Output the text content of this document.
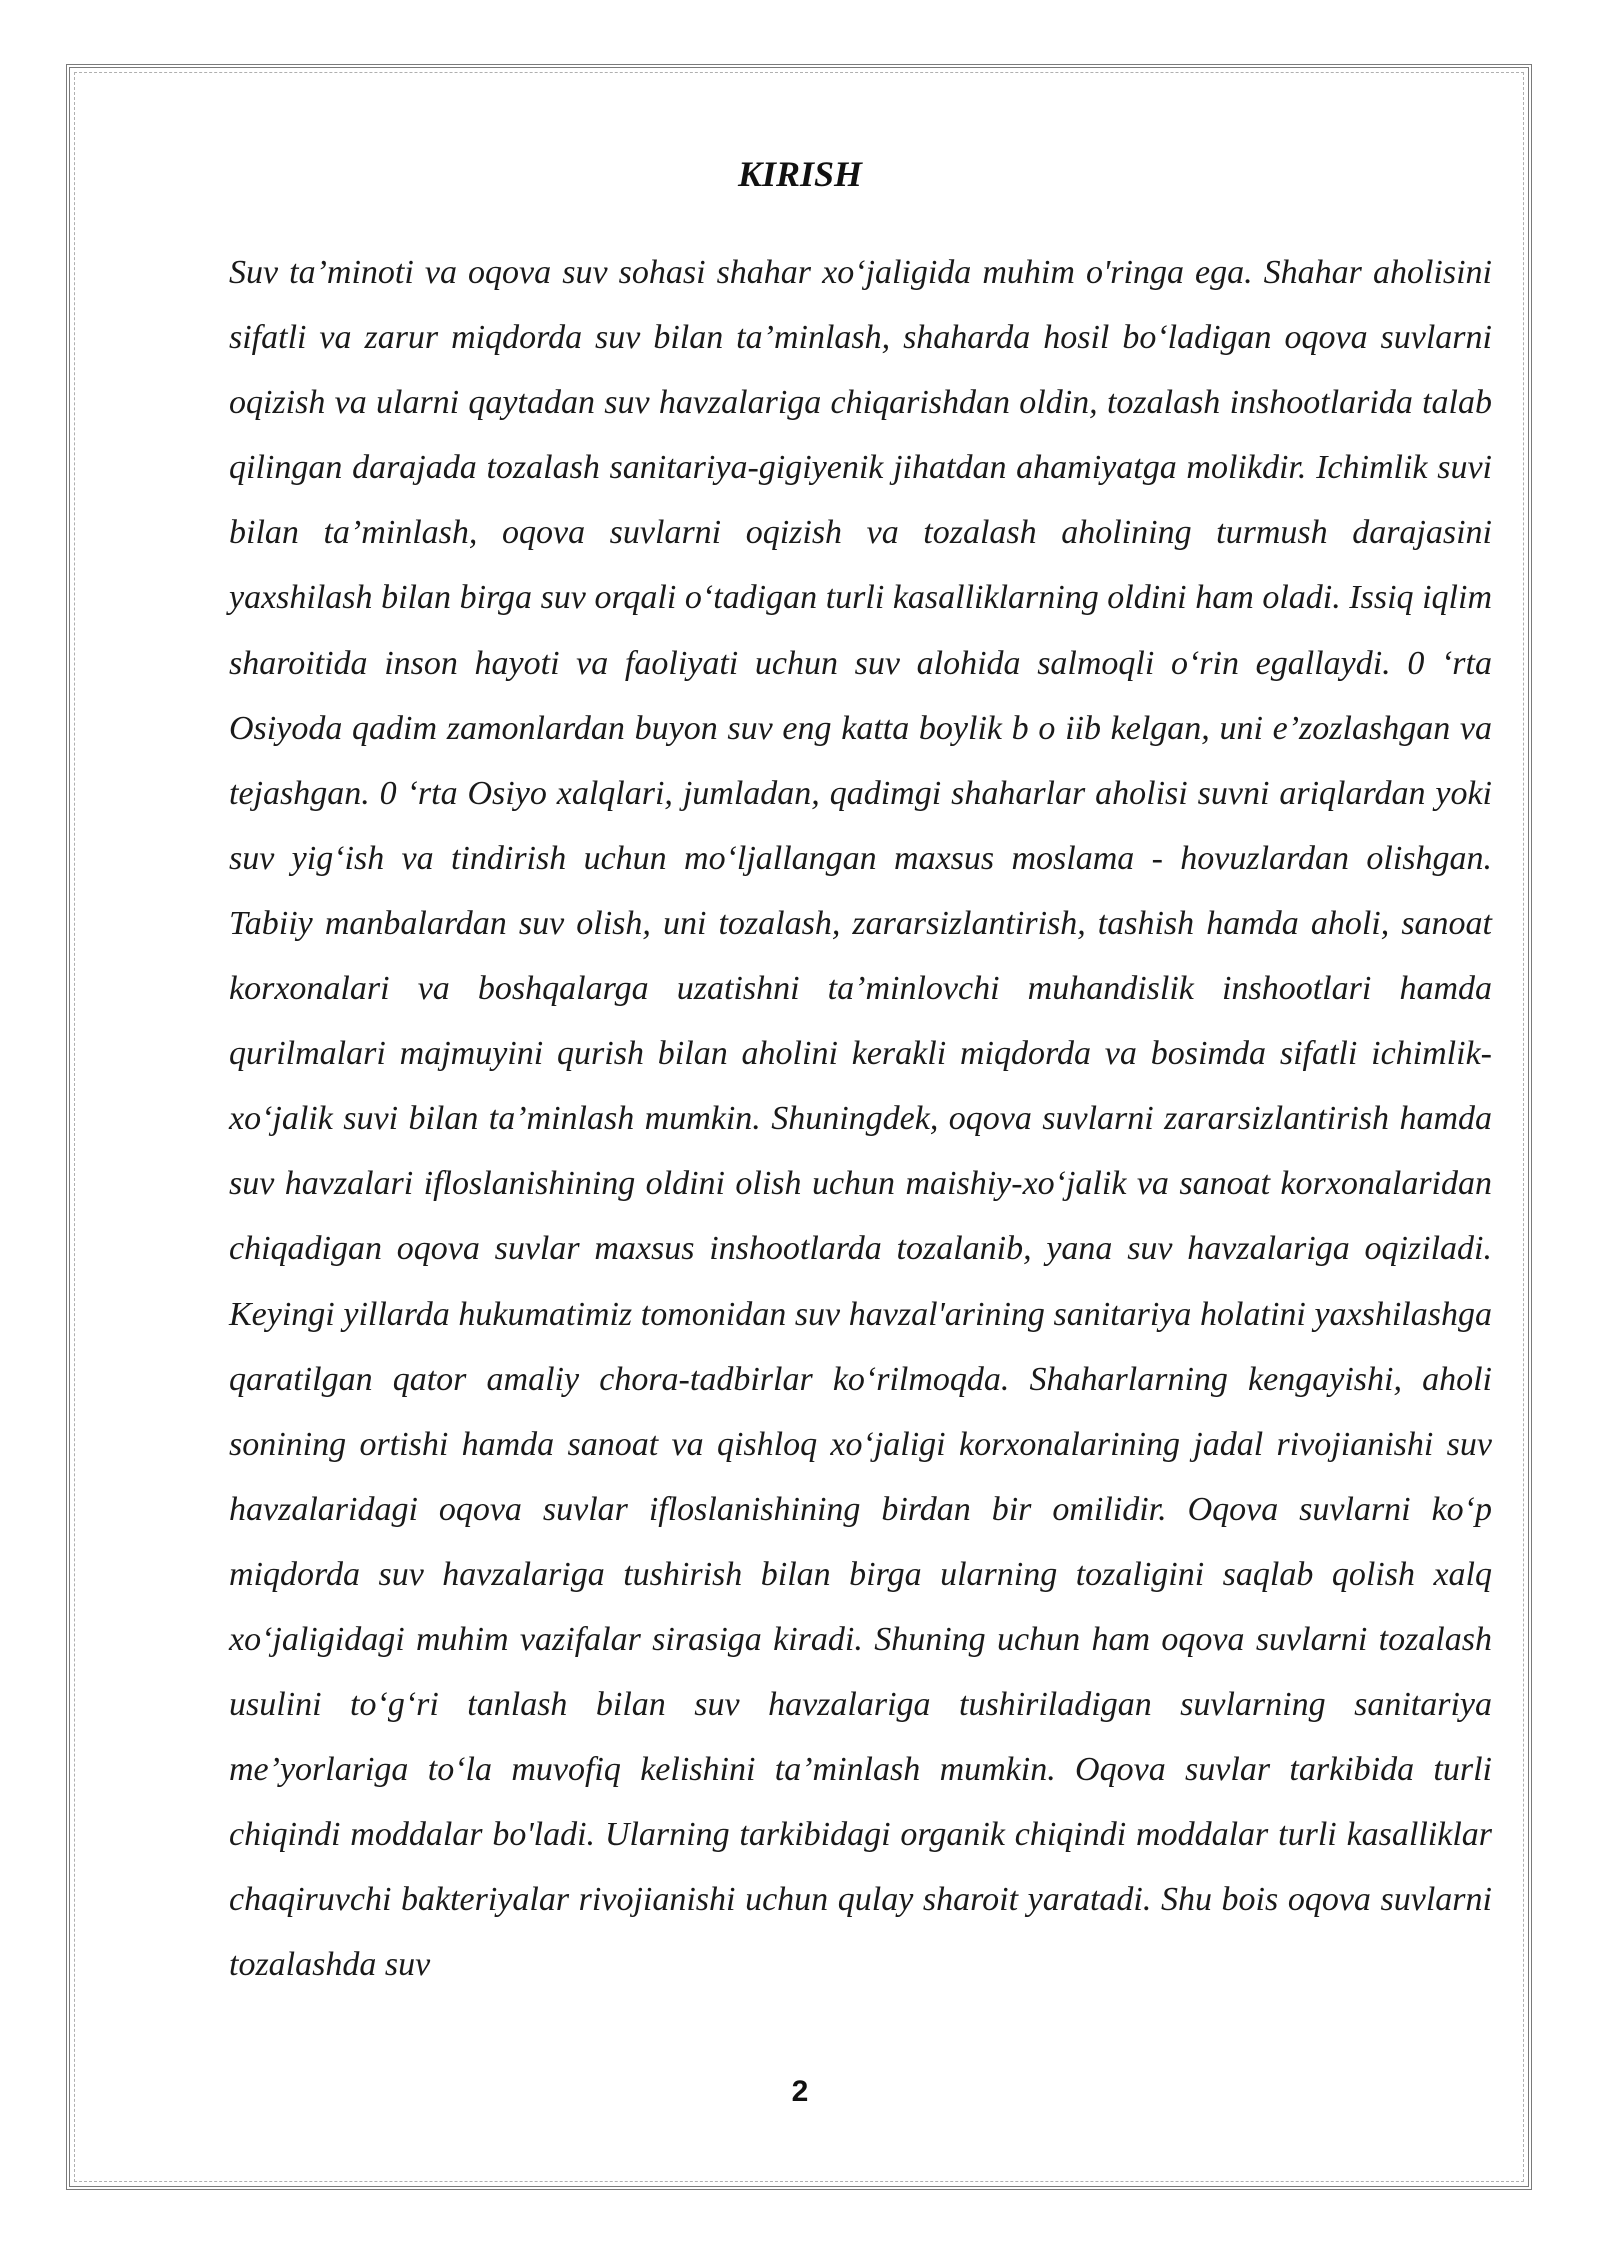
KIRISH

Suv ta’minoti va oqova suv sohasi shahar xo‘jaligida muhim o'ringa ega. Shahar aholisini sifatli va zarur miqdorda suv bilan ta’minlash, shaharda hosil bo‘ladigan oqova suvlarni oqizish va ularni qaytadan suv havzalariga chiqarishdan oldin, tozalash inshootlarida talab qilingan darajada tozalash sanitariya-gigiyenik jihatdan ahamiyatga molikdir. Ichimlik suvi bilan ta’minlash, oqova suvlarni oqizish va tozalash aholining turmush darajasini yaxshilash bilan birga suv orqali o‘tadigan turli kasalliklarning oldini ham oladi. Issiq iqlim sharoitida inson hayoti va faoliyati uchun suv alohida salmoqli o‘rin egallaydi. 0 ‘rta Osiyoda qadim zamonlardan buyon suv eng katta boylik b o iib kelgan, uni e’zozlashgan va tejashgan. 0 ‘rta Osiyo xalqlari, jumladan, qadimgi shaharlar aholisi suvni ariqlardan yoki suv yig‘ish va tindirish uchun mo‘ljallangan maxsus moslama - hovuzlardan olishgan. Tabiiy manbalardan suv olish, uni tozalash, zararsizlantirish, tashish hamda aholi, sanoat korxonalari va boshqalarga uzatishni ta’minlovchi muhandislik inshootlari hamda qurilmalari majmuyini qurish bilan aholini kerakli miqdorda va bosimda sifatli ichimlik-xo‘jalik suvi bilan ta’minlash mumkin. Shuningdek, oqova suvlarni zararsizlantirish hamda suv havzalari ifloslanishining oldini olish uchun maishiy-xo‘jalik va sanoat korxonalaridan chiqadigan oqova suvlar maxsus inshootlarda tozalanib, yana suv havzalariga oqiziladi. Keyingi yillarda hukumatimiz tomonidan suv havzal'arining sanitariya holatini yaxshilashga qaratilgan qator amaliy chora-tadbirlar ko‘rilmoqda. Shaharlarning kengayishi, aholi sonining ortishi hamda sanoat va qishloq xo‘jaligi korxonalarining jadal rivojianishi suv havzalaridagi oqova suvlar ifloslanishining birdan bir omilidir. Oqova suvlarni ko‘p miqdorda suv havzalariga tushirish bilan birga ularning tozaligini saqlab qolish xalq xo‘jaligidagi muhim vazifalar sirasiga kiradi. Shuning uchun ham oqova suvlarni tozalash usulini to‘g‘ri tanlash bilan suv havzalariga tushiriladigan suvlarning sanitariya me’yorlariga to‘la muvofiq kelishini ta’minlash mumkin. Oqova suvlar tarkibida turli chiqindi moddalar bo'ladi. Ularning tarkibidagi organik chiqindi moddalar turli kasalliklar chaqiruvchi bakteriyalar rivojianishi uchun qulay sharoit yaratadi. Shu bois oqova suvlarni tozalashda suv

2
